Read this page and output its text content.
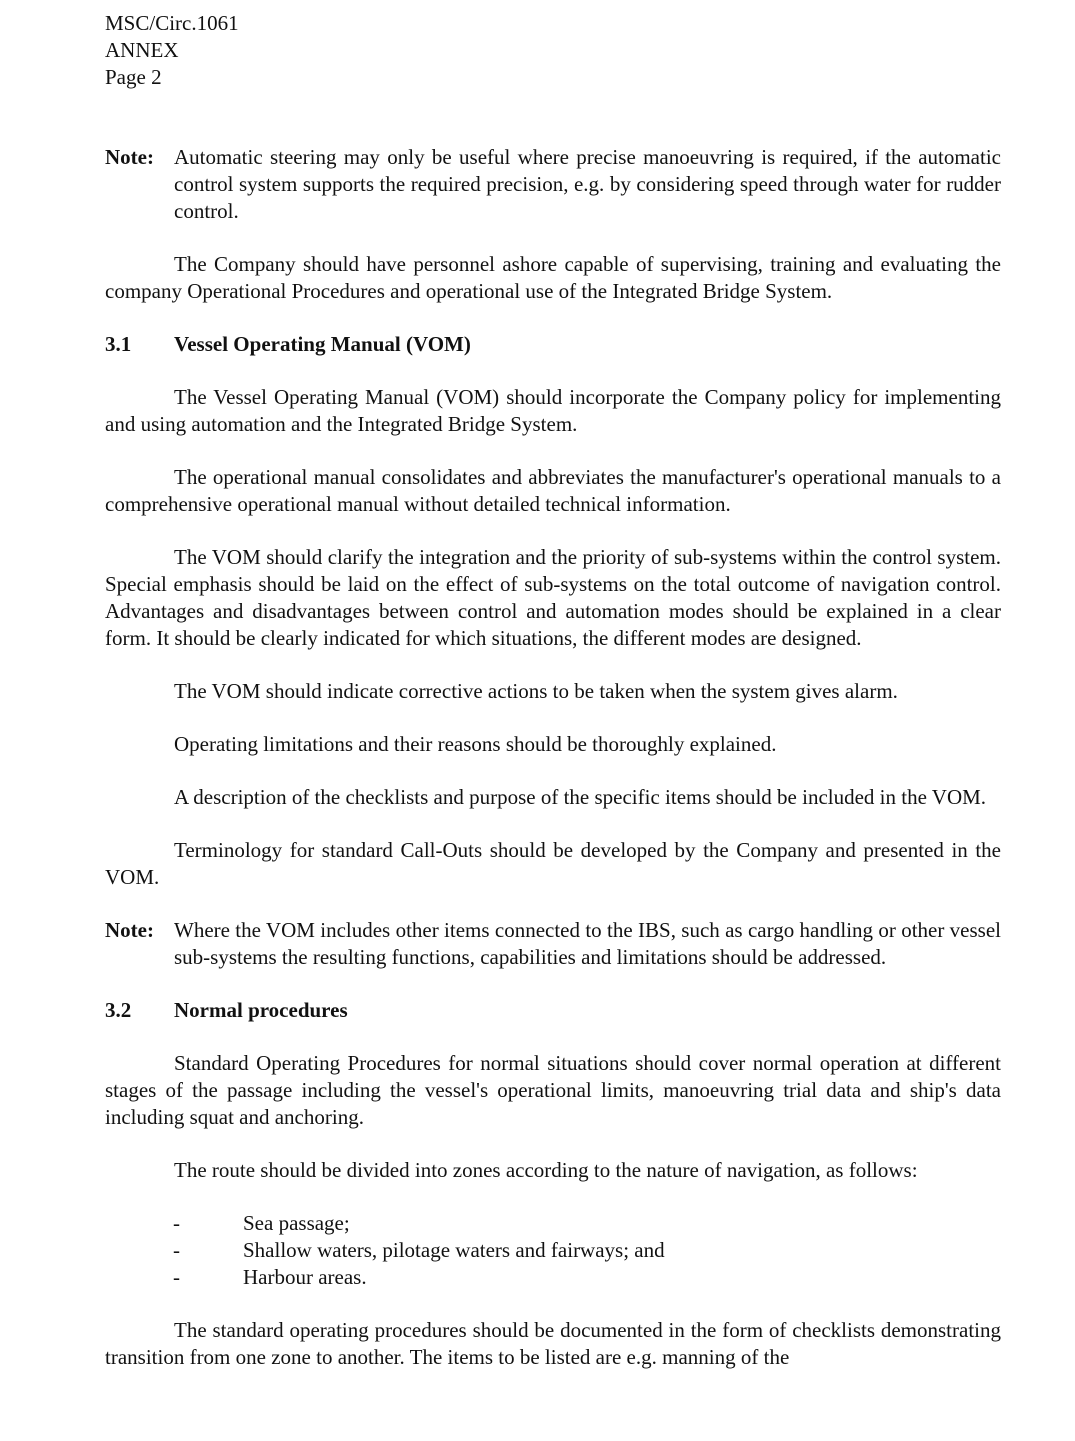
MSC/Circ.1061
ANNEX
Page 2
Note: Automatic steering may only be useful where precise manoeuvring is required, if the automatic control system supports the required precision, e.g. by considering speed through water for rudder control.

The Company should have personnel ashore capable of supervising, training and evaluating the company Operational Procedures and operational use of the Integrated Bridge System.

3.1	Vessel Operating Manual (VOM)

The Vessel Operating Manual (VOM) should incorporate the Company policy for implementing and using automation and the Integrated Bridge System.

The operational manual consolidates and abbreviates the manufacturer's operational manuals to a comprehensive operational manual without detailed technical information.

The VOM should clarify the integration and the priority of sub-systems within the control system. Special emphasis should be laid on the effect of sub-systems on the total outcome of navigation control. Advantages and disadvantages between control and automation modes should be explained in a clear form. It should be clearly indicated for which situations, the different modes are designed.

The VOM should indicate corrective actions to be taken when the system gives alarm.

Operating limitations and their reasons should be thoroughly explained.

A description of the checklists and purpose of the specific items should be included in the VOM.

Terminology for standard Call-Outs should be developed by the Company and presented in the VOM.

Note: Where the VOM includes other items connected to the IBS, such as cargo handling or other vessel sub-systems the resulting functions, capabilities and limitations should be addressed.
3.2	Normal procedures

Standard Operating Procedures for normal situations should cover normal operation at different stages of the passage including the vessel's operational limits, manoeuvring trial data and ship's data including squat and anchoring.

The route should be divided into zones according to the nature of navigation, as follows:

-	Sea passage;
-	Shallow waters, pilotage waters and fairways; and
-	Harbour areas.

The standard operating procedures should be documented in the form of checklists demonstrating transition from one zone to another. The items to be listed are e.g. manning of the
